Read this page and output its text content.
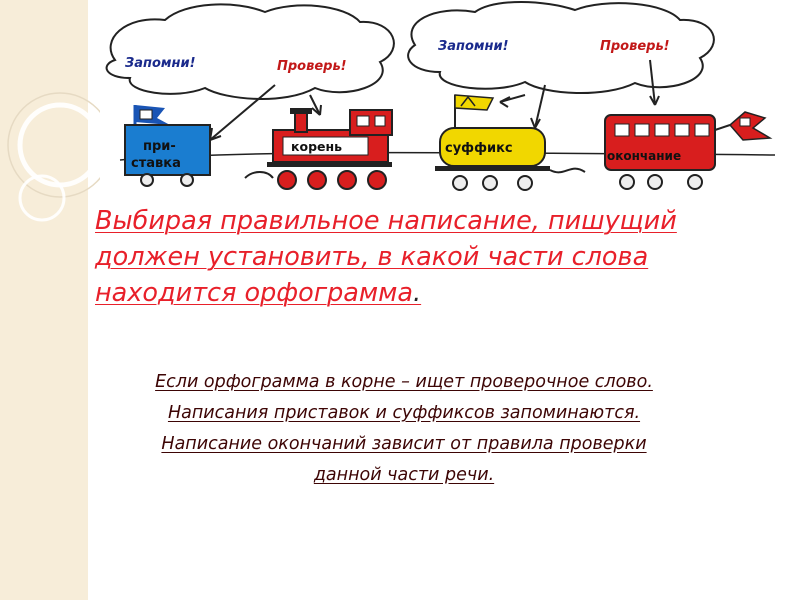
Запомни!	Проверь!
Запомни!	Проверь!
при-
ставка
корень	суффикс	окончание
Выбирая правильное написание, пишущий должен установить, в какой части слова находится орфограмма.
Если орфограмма в корне – ищет проверочное слово.
Написания приставок и суффиксов запоминаются.
Написание окончаний зависит от правила проверки
данной части речи.
